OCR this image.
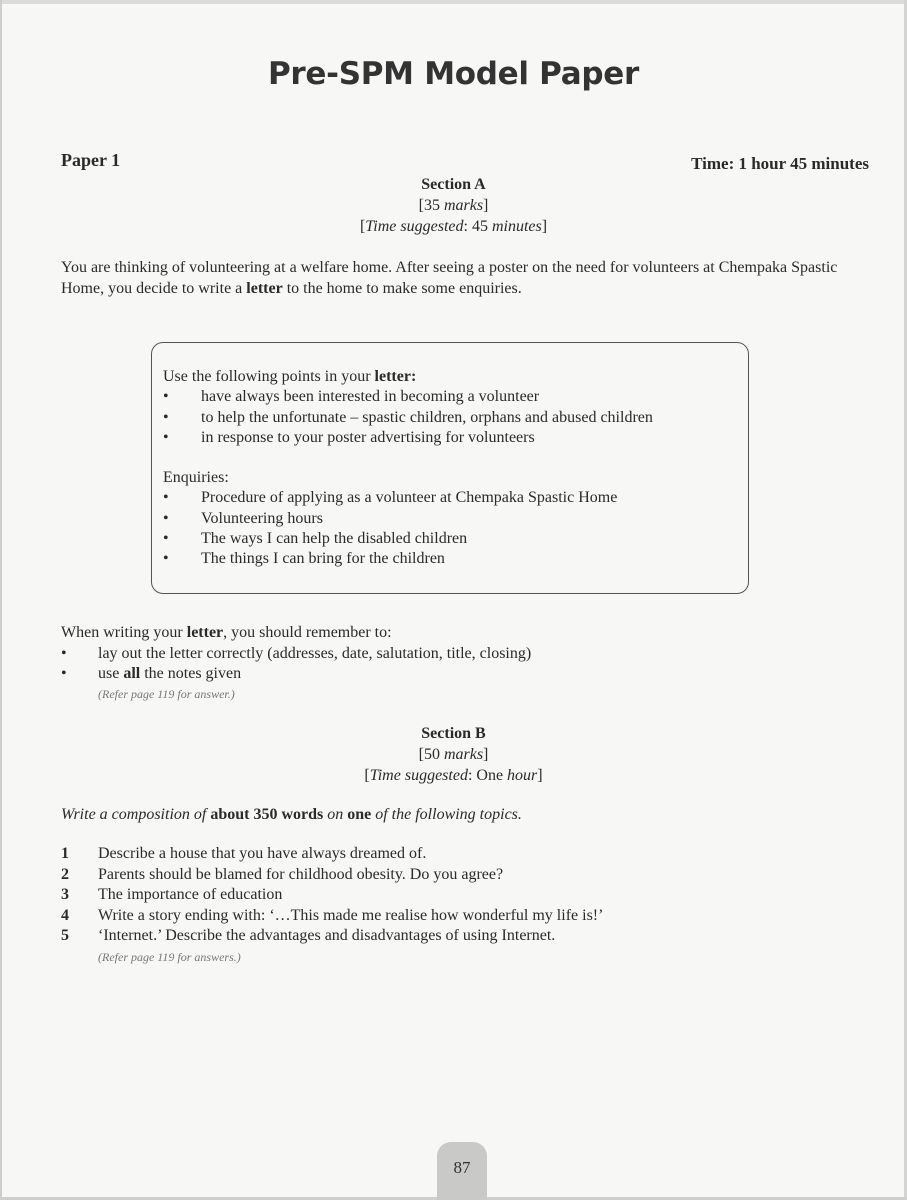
Pre-SPM Model Paper
Paper 1	Time: 1 hour 45 minutes
Section A
[35 marks]
[Time suggested: 45 minutes]
You are thinking of volunteering at a welfare home. After seeing a poster on the need for volunteers at Chempaka Spastic Home, you decide to write a letter to the home to make some enquiries.
Use the following points in your letter:
• have always been interested in becoming a volunteer
• to help the unfortunate – spastic children, orphans and abused children
• in response to your poster advertising for volunteers
Enquiries:
• Procedure of applying as a volunteer at Chempaka Spastic Home
• Volunteering hours
• The ways I can help the disabled children
• The things I can bring for the children
When writing your letter, you should remember to:
• lay out the letter correctly (addresses, date, salutation, title, closing)
• use all the notes given
(Refer page 119 for answer.)
Section B
[50 marks]
[Time suggested: One hour]
Write a composition of about 350 words on one of the following topics.
1 Describe a house that you have always dreamed of.
2 Parents should be blamed for childhood obesity. Do you agree?
3 The importance of education
4 Write a story ending with: ‘…This made me realise how wonderful my life is!’
5 ‘Internet.’ Describe the advantages and disadvantages of using Internet.
(Refer page 119 for answers.)
87
